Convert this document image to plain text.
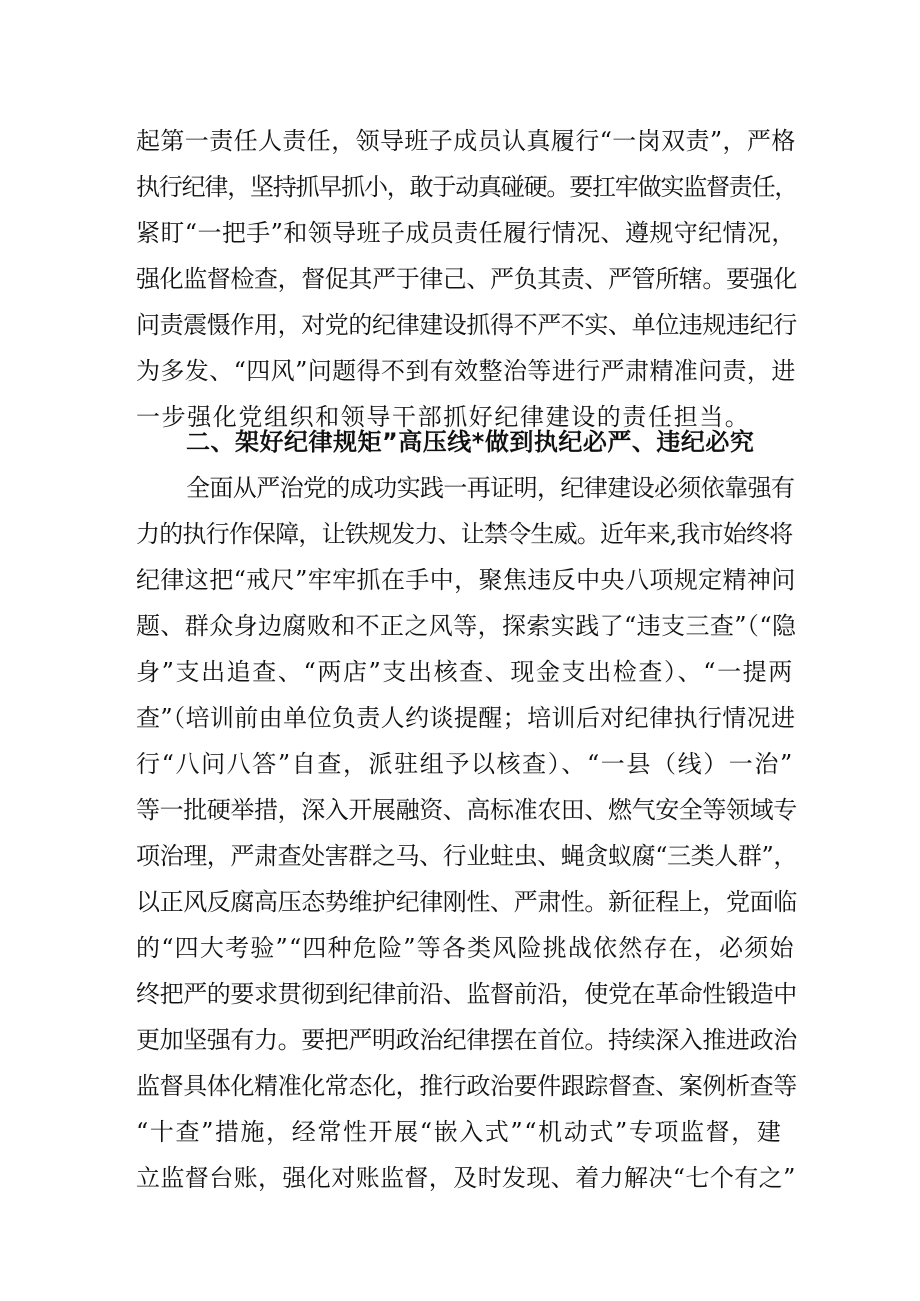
起第一责任人责任，领导班子成员认真履行“一岗双责”，严格
执行纪律，坚持抓早抓小，敢于动真碰硬。要扛牢做实监督责任，
紧盯“一把手”和领导班子成员责任履行情况、遵规守纪情况，
强化监督检查，督促其严于律己、严负其责、严管所辖。要强化
问责震慑作用，对党的纪律建设抓得不严不实、单位违规违纪行
为多发、“四风”问题得不到有效整治等进行严肃精准问责，进
一步强化党组织和领导干部抓好纪律建设的责任担当。
二、架好纪律规矩”高压线*做到执纪必严、违纪必究
全面从严治党的成功实践一再证明，纪律建设必须依靠强有
力的执行作保障，让铁规发力、让禁令生威。近年来,我市始终将
纪律这把“戒尺”牢牢抓在手中，聚焦违反中央八项规定精神问
题、群众身边腐败和不正之风等，探索实践了“违支三查”（“隐
身”支出追查、“两店”支出核查、现金支出检查）、“一提两
查”（培训前由单位负责人约谈提醒；培训后对纪律执行情况进
行“八问八答”自查，派驻组予以核查）、“一县（线）一治”
等一批硬举措，深入开展融资、高标准农田、燃气安全等领域专
项治理，严肃查处害群之马、行业蛀虫、蝇贪蚁腐“三类人群”，
以正风反腐高压态势维护纪律刚性、严肃性。新征程上，党面临
的“四大考验”“四种危险”等各类风险挑战依然存在，必须始
终把严的要求贯彻到纪律前沿、监督前沿，使党在革命性锻造中
更加坚强有力。要把严明政治纪律摆在首位。持续深入推进政治
监督具体化精准化常态化，推行政治要件跟踪督查、案例析查等
“十查”措施，经常性开展“嵌入式”“机动式”专项监督，建
立监督台账，强化对账监督，及时发现、着力解决“七个有之”
